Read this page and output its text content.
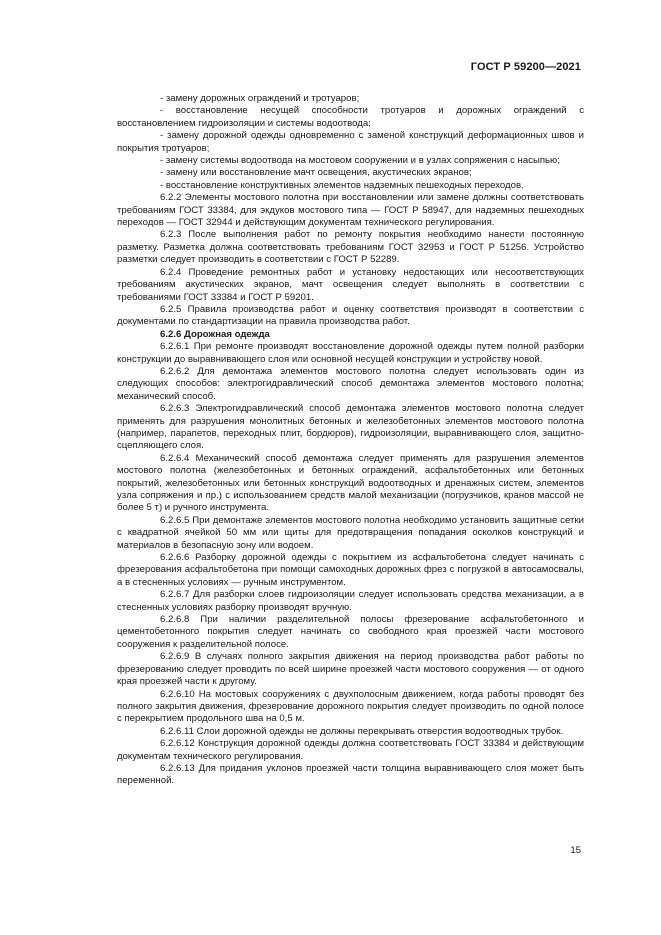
ГОСТ Р 59200—2021

- замену дорожных ограждений и тротуаров;

- восстановление несущей способности тротуаров и дорожных ограждений с восстановлением гидроизоляции и системы водоотвода;

- замену дорожной одежды одновременно с заменой конструкций деформационных швов и покрытия тротуаров;

- замену системы водоотвода на мостовом сооружении и в узлах сопряжения с насыпью;

- замену или восстановление мачт освещения, акустических экранов;

- восстановление конструктивных элементов надземных пешеходных переходов.

6.2.2 Элементы мостового полотна при восстановлении или замене должны соответствовать требованиям ГОСТ 33384, для экдуков мостового типа — ГОСТ Р 58947, для надземных пешеходных переходов — ГОСТ 32944 и действующим документам технического регулирования.

6.2.3 После выполнения работ по ремонту покрытия необходимо нанести постоянную разметку. Разметка должна соответствовать требованиям ГОСТ 32953 и ГОСТ Р 51256. Устройство разметки следует производить в соответствии с ГОСТ Р 52289.

6.2.4 Проведение ремонтных работ и установку недостающих или несоответствующих требованиям акустических экранов, мачт освещения следует выполнять в соответствии с требованиями ГОСТ 33384 и ГОСТ Р 59201.

6.2.5 Правила производства работ и оценку соответствия производят в соответствии с документами по стандартизации на правила производства работ.

6.2.6 Дорожная одежда

6.2.6.1 При ремонте производят восстановление дорожной одежды путем полной разборки конструкции до выравнивающего слоя или основной несущей конструкции и устройству новой.

6.2.6.2 Для демонтажа элементов мостового полотна следует использовать один из следующих способов: электрогидравлический способ демонтажа элементов мостового полотна; механический способ.

6.2.6.3 Электрогидравлический способ демонтажа элементов мостового полотна следует применять для разрушения монолитных бетонных и железобетонных элементов мостового полотна (например, парапетов, переходных плит, бордюров), гидроизоляции, выравнивающего слоя, защитно-сцепляющего слоя.

6.2.6.4 Механический способ демонтажа следует применять для разрушения элементов мостового полотна (железобетонных и бетонных ограждений, асфальтобетонных или бетонных покрытий, железобетонных или бетонных конструкций водоотводных и дренажных систем, элементов узла сопряжения и пр.) с использованием средств малой механизации (погрузчиков, кранов массой не более 5 т) и ручного инструмента.

6.2.6.5 При демонтаже элементов мостового полотна необходимо установить защитные сетки с квадратной ячейкой 50 мм или щиты для предотвращения попадания осколков конструкций и материалов в безопасную зону или водоем.

6.2.6.6 Разборку дорожной одежды с покрытием из асфальтобетона следует начинать с фрезерования асфальтобетона при помощи самоходных дорожных фрез с погрузкой в автосамосвалы, а в стесненных условиях — ручным инструментом.

6.2.6.7 Для разборки слоев гидроизоляции следует использовать средства механизации, а в стесненных условиях разборку производят вручную.

6.2.6.8 При наличии разделительной полосы фрезерование асфальтобетонного и цементобетонного покрытия следует начинать со свободного края проезжей части мостового сооружения к разделительной полосе.

6.2.6.9 В случаях полного закрытия движения на период производства работ работы по фрезерованию следует проводить по всей ширине проезжей части мостового сооружения — от одного края проезжей части к другому.

6.2.6.10 На мостовых сооружениях с двухполосным движением, когда работы проводят без полного закрытия движения, фрезерование дорожного покрытия следует производить по одной полосе с перекрытием продольного шва на 0,5 м.

6.2.6.11 Слои дорожной одежды не должны перекрывать отверстия водоотводных трубок.

6.2.6.12 Конструкция дорожной одежды должна соответствовать ГОСТ 33384 и действующим документам технического регулирования.

6.2.6.13 Для придания уклонов проезжей части толщина выравнивающего слоя может быть переменной.

15
